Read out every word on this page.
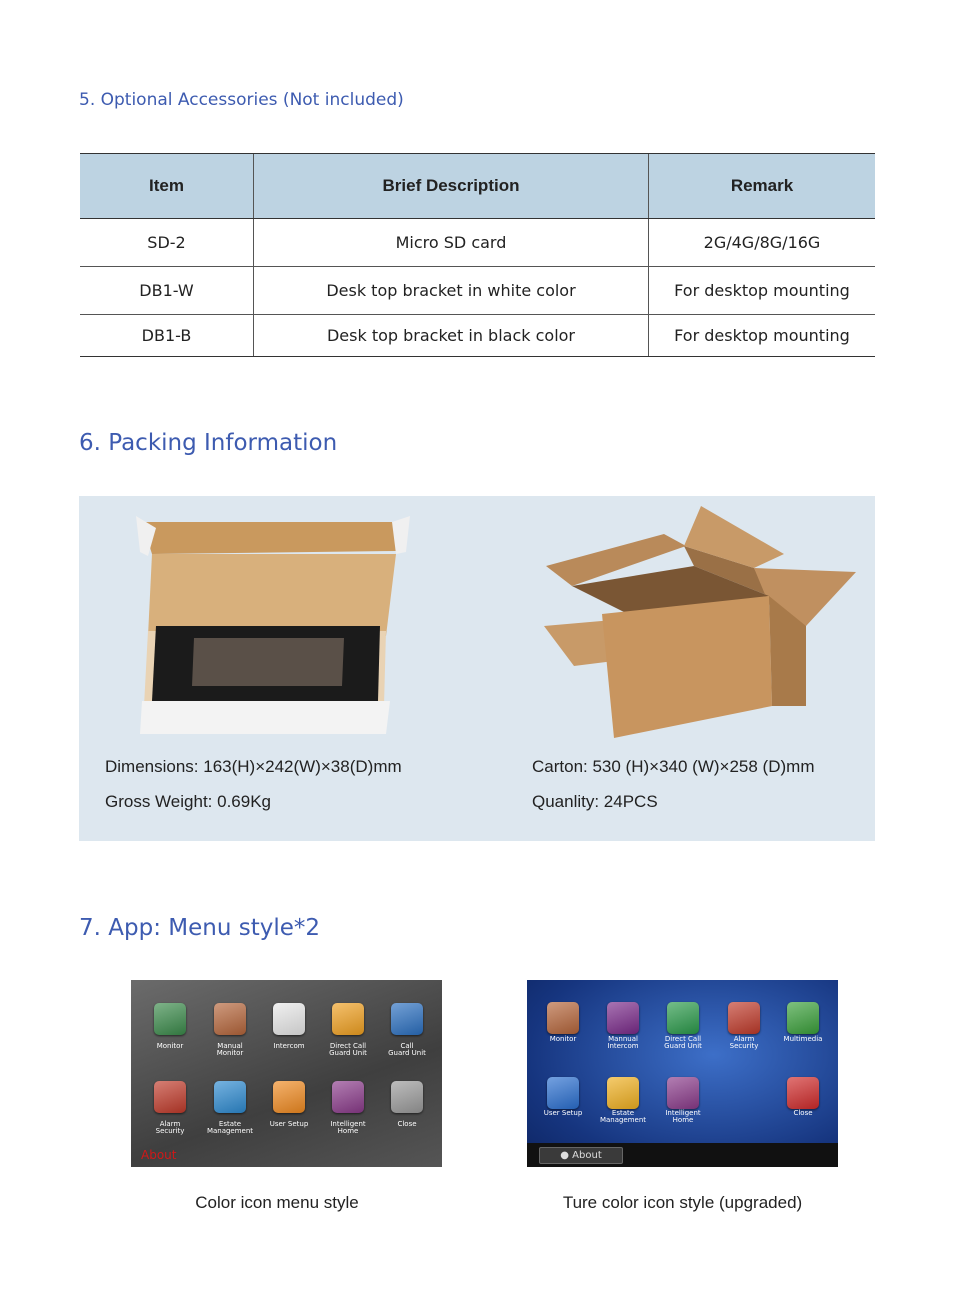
5. Optional Accessories (Not included)
Item	Brief Description	Remark
SD-2	Micro SD card	2G/4G/8G/16G
DB1-W	Desk top bracket in white color	For desktop mounting
DB1-B	Desk top bracket in black color	For desktop mounting
6. Packing Information
Dimensions: 163(H)×242(W)×38(D)mm
Gross Weight: 0.69Kg
Carton: 530 (H)×340 (W)×258 (D)mm
Quanlity: 24PCS
7. App: Menu style*2
Monitor	Manual
Monitor
Intercom	Direct Call
Guard Unit
Call
Guard Unit
Alarm
Security
Estate
Management
User Setup	Intelligent
Home
Close
About
Monitor	Mannual
Intercom
Direct Call
Guard Unit
Alarm
Security
Multimedia
User Setup	Estate
Management
Intelligent
Home
Close
● About
Color icon menu style	Ture color icon style (upgraded)
